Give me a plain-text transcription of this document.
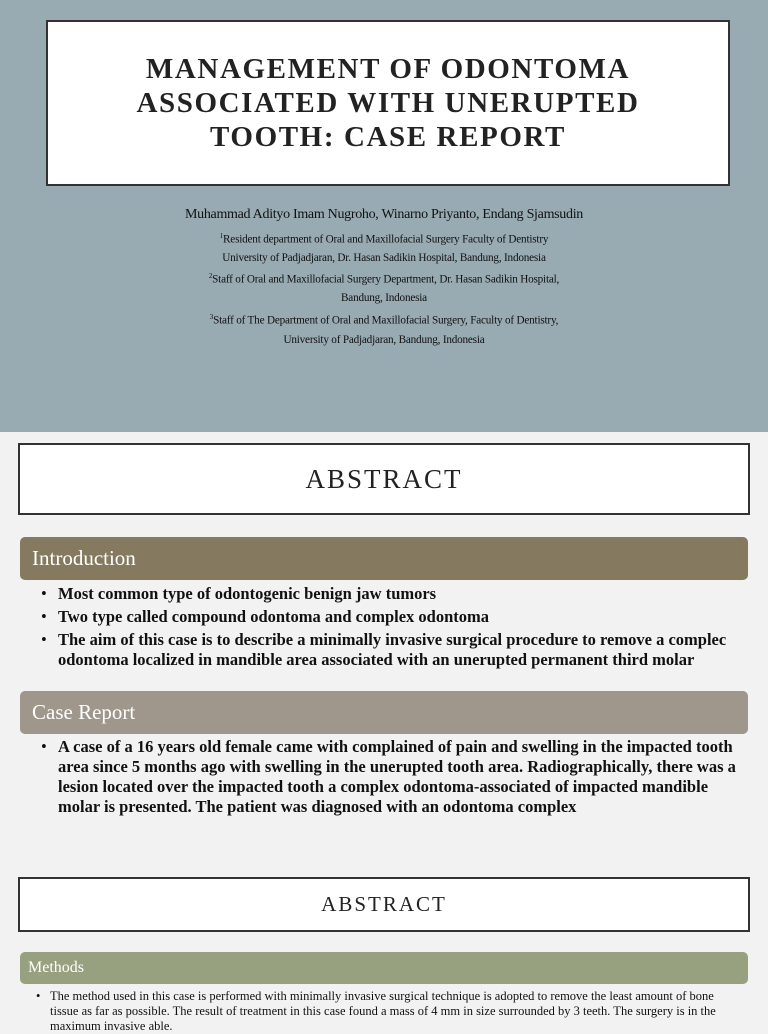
MANAGEMENT OF ODONTOMA ASSOCIATED WITH UNERUPTED TOOTH: CASE REPORT
Muhammad Adityo Imam Nugroho, Winarno Priyanto, Endang Sjamsudin
$^1$Resident department of Oral and Maxillofacial Surgery Faculty of Dentistry
University of Padjadjaran, Dr. Hasan Sadikin Hospital, Bandung, Indonesia
$^2$Staff of Oral and Maxillofacial Surgery Department, Dr. Hasan Sadikin Hospital,
Bandung, Indonesia
$^3$Staff of The Department of Oral and Maxillofacial Surgery, Faculty of Dentistry,
University of Padjadjaran, Bandung, Indonesia
ABSTRACT
Introduction
• Most common type of odontogenic benign jaw tumors
• Two type called compound odontoma and complex odontoma
• The aim of this case is to describe a minimally invasive surgical procedure to remove a complec odontoma localized in mandible area associated with an unerupted permanent third molar
Case Report
• A case of a 16 years old female came with complained of pain and swelling in the impacted tooth area since 5 months ago with swelling in the unerupted tooth area. Radiographically, there was a lesion located over the impacted tooth a complex odontoma-associated of impacted mandible molar is presented. The patient was diagnosed with an odontoma complex
ABSTRACT
Methods
• The method used in this case is performed with minimally invasive surgical technique is adopted to remove the least amount of bone tissue as far as possible. The result of treatment in this case found a mass of 4 mm in size surrounded by 3 teeth. The surgery is in the maximum invasive able.
